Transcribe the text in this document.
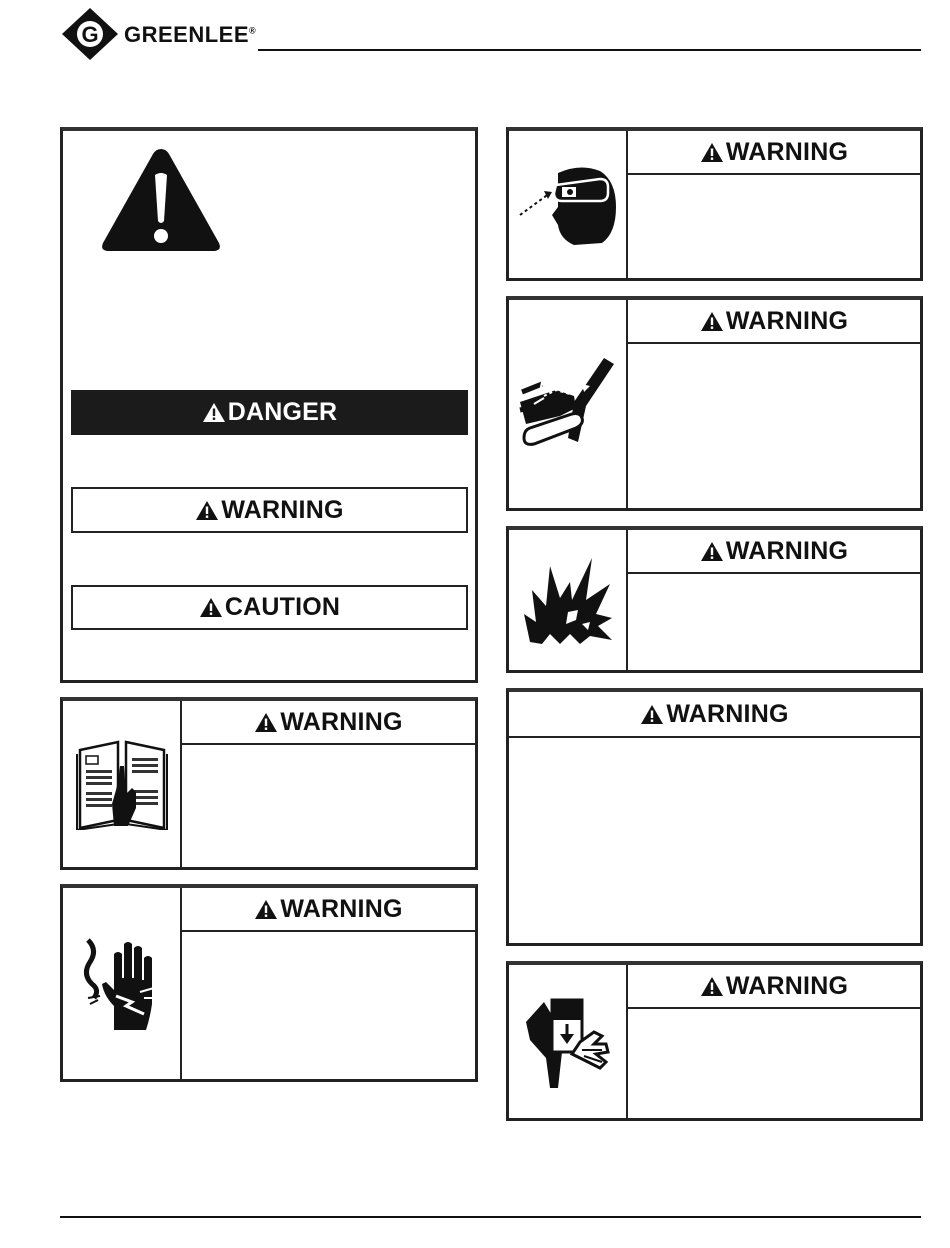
G GREENLEE®
DANGER
WARNING
CAUTION
WARNING
WARNING
WARNING
WARNING
WARNING
WARNING
WARNING
